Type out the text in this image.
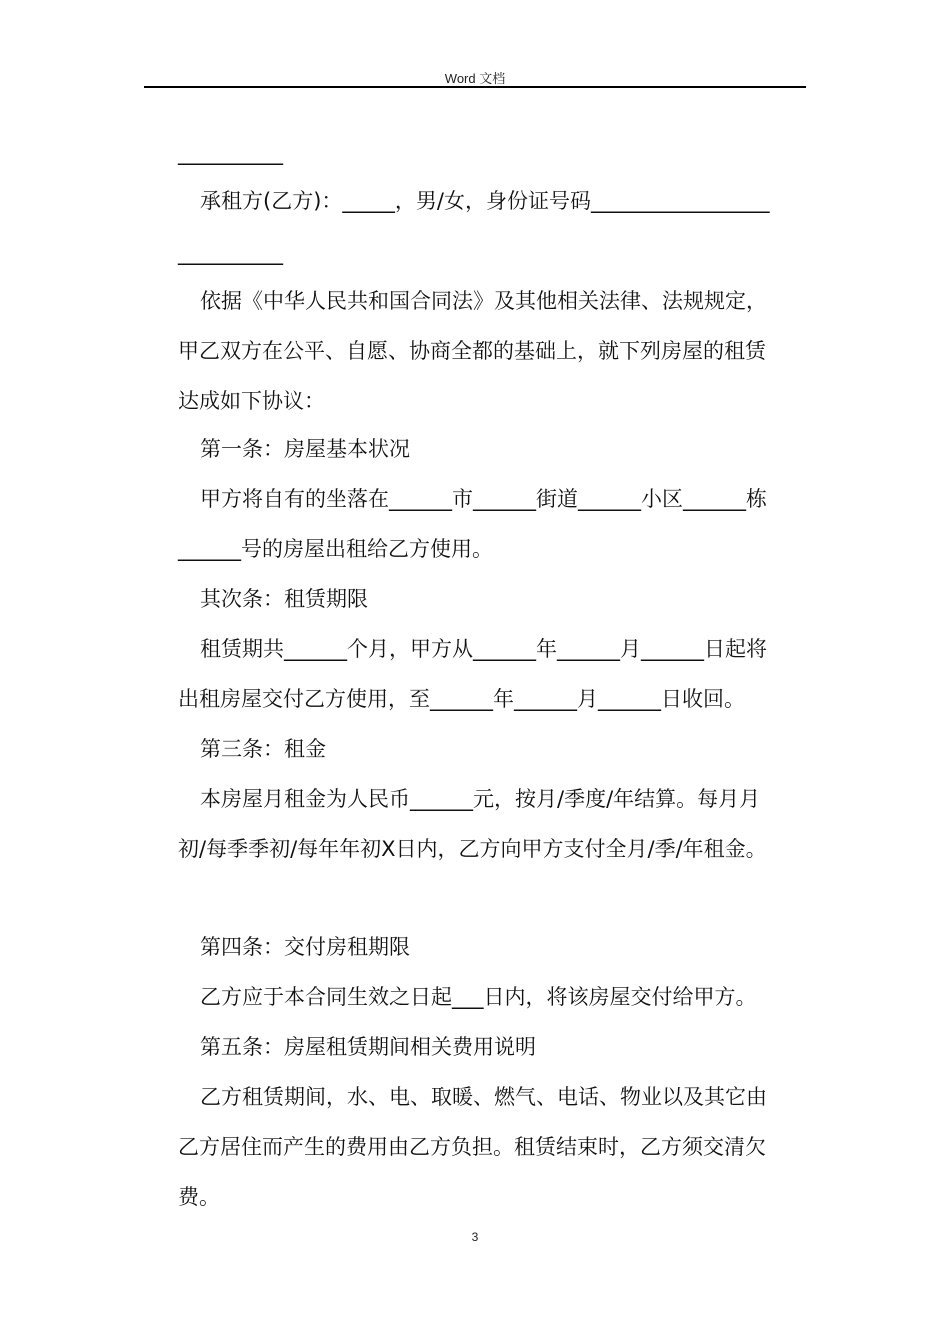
Word 文档
__________
承租方(乙方)：_____，男/女，身份证号码_________________
__________
依据《中华人民共和国合同法》及其他相关法律、法规规定，
甲乙双方在公平、自愿、协商全都的基础上，就下列房屋的租赁
达成如下协议：
第一条：房屋基本状况
甲方将自有的坐落在______市______街道______小区______栋
______号的房屋出租给乙方使用。
其次条：租赁期限
租赁期共______个月，甲方从______年______月______日起将
出租房屋交付乙方使用，至______年______月______日收回。
第三条：租金
本房屋月租金为人民币______元，按月/季度/年结算。每月月
初/每季季初/每年年初X日内，乙方向甲方支付全月/季/年租金。
第四条：交付房租期限
乙方应于本合同生效之日起___日内，将该房屋交付给甲方。
第五条：房屋租赁期间相关费用说明
乙方租赁期间，水、电、取暖、燃气、电话、物业以及其它由
乙方居住而产生的费用由乙方负担。租赁结束时，乙方须交清欠
费。
3
